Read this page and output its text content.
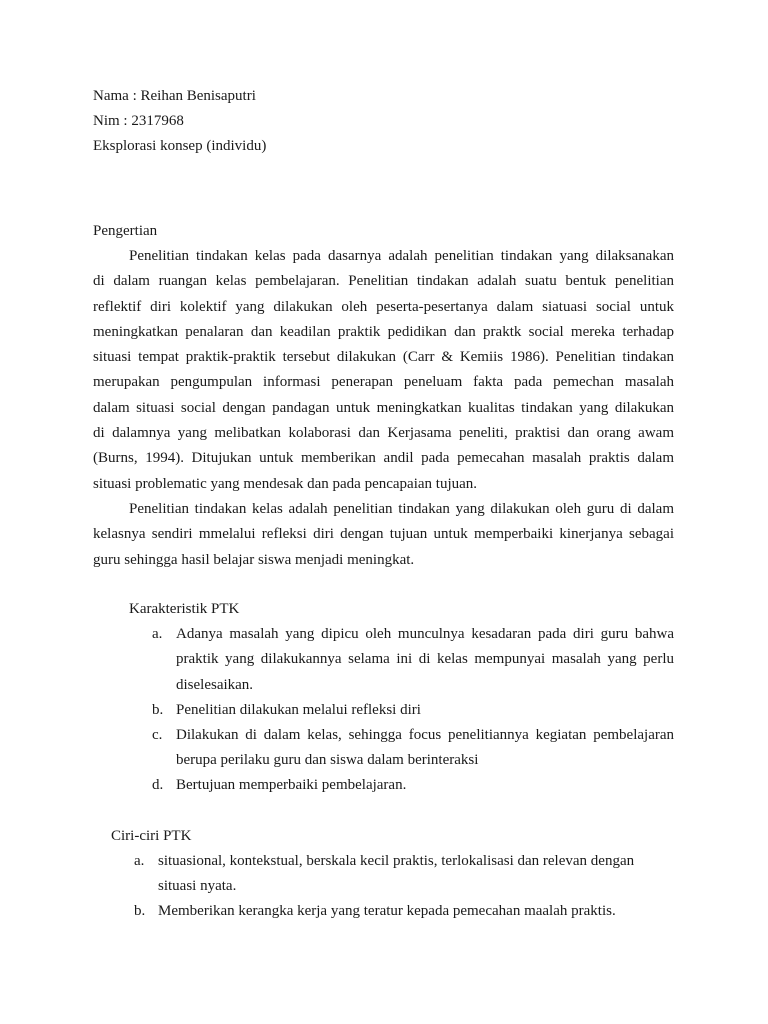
Nama : Reihan Benisaputri
Nim : 2317968
Eksplorasi konsep (individu)
Pengertian
Penelitian tindakan kelas pada dasarnya adalah penelitian tindakan yang dilaksanakan
di dalam ruangan kelas pembelajaran. Penelitian tindakan adalah suatu bentuk penelitian
reflektif diri kolektif yang dilakukan oleh peserta-pesertanya dalam siatuasi social untuk
meningkatkan penalaran dan keadilan praktik pedidikan dan praktk social mereka terhadap
situasi tempat praktik-praktik tersebut dilakukan (Carr & Kemiis 1986). Penelitian tindakan
merupakan pengumpulan informasi penerapan peneluam fakta pada pemechan masalah
dalam situasi social dengan pandagan untuk meningkatkan kualitas tindakan yang dilakukan
di dalamnya yang melibatkan kolaborasi dan Kerjasama peneliti, praktisi dan orang awam
(Burns, 1994). Ditujukan untuk memberikan andil pada pemecahan masalah praktis dalam
situasi problematic yang mendesak dan pada pencapaian tujuan.
Penelitian tindakan kelas adalah penelitian tindakan yang dilakukan oleh guru di dalam
kelasnya sendiri mmelalui refleksi diri dengan tujuan untuk memperbaiki kinerjanya sebagai
guru sehingga hasil belajar siswa menjadi meningkat.
Karakteristik PTK
a. Adanya masalah yang dipicu oleh munculnya kesadaran pada diri guru bahwa
praktik yang dilakukannya selama ini di kelas mempunyai masalah yang perlu
diselesaikan.
b. Penelitian dilakukan melalui refleksi diri
c. Dilakukan di dalam kelas, sehingga focus penelitiannya kegiatan pembelajaran
berupa perilaku guru dan siswa dalam berinteraksi
d. Bertujuan memperbaiki pembelajaran.
Ciri-ciri PTK
a. situasional, kontekstual, berskala kecil praktis, terlokalisasi dan relevan dengan
situasi nyata.
b. Memberikan kerangka kerja yang teratur kepada pemecahan maalah praktis.
